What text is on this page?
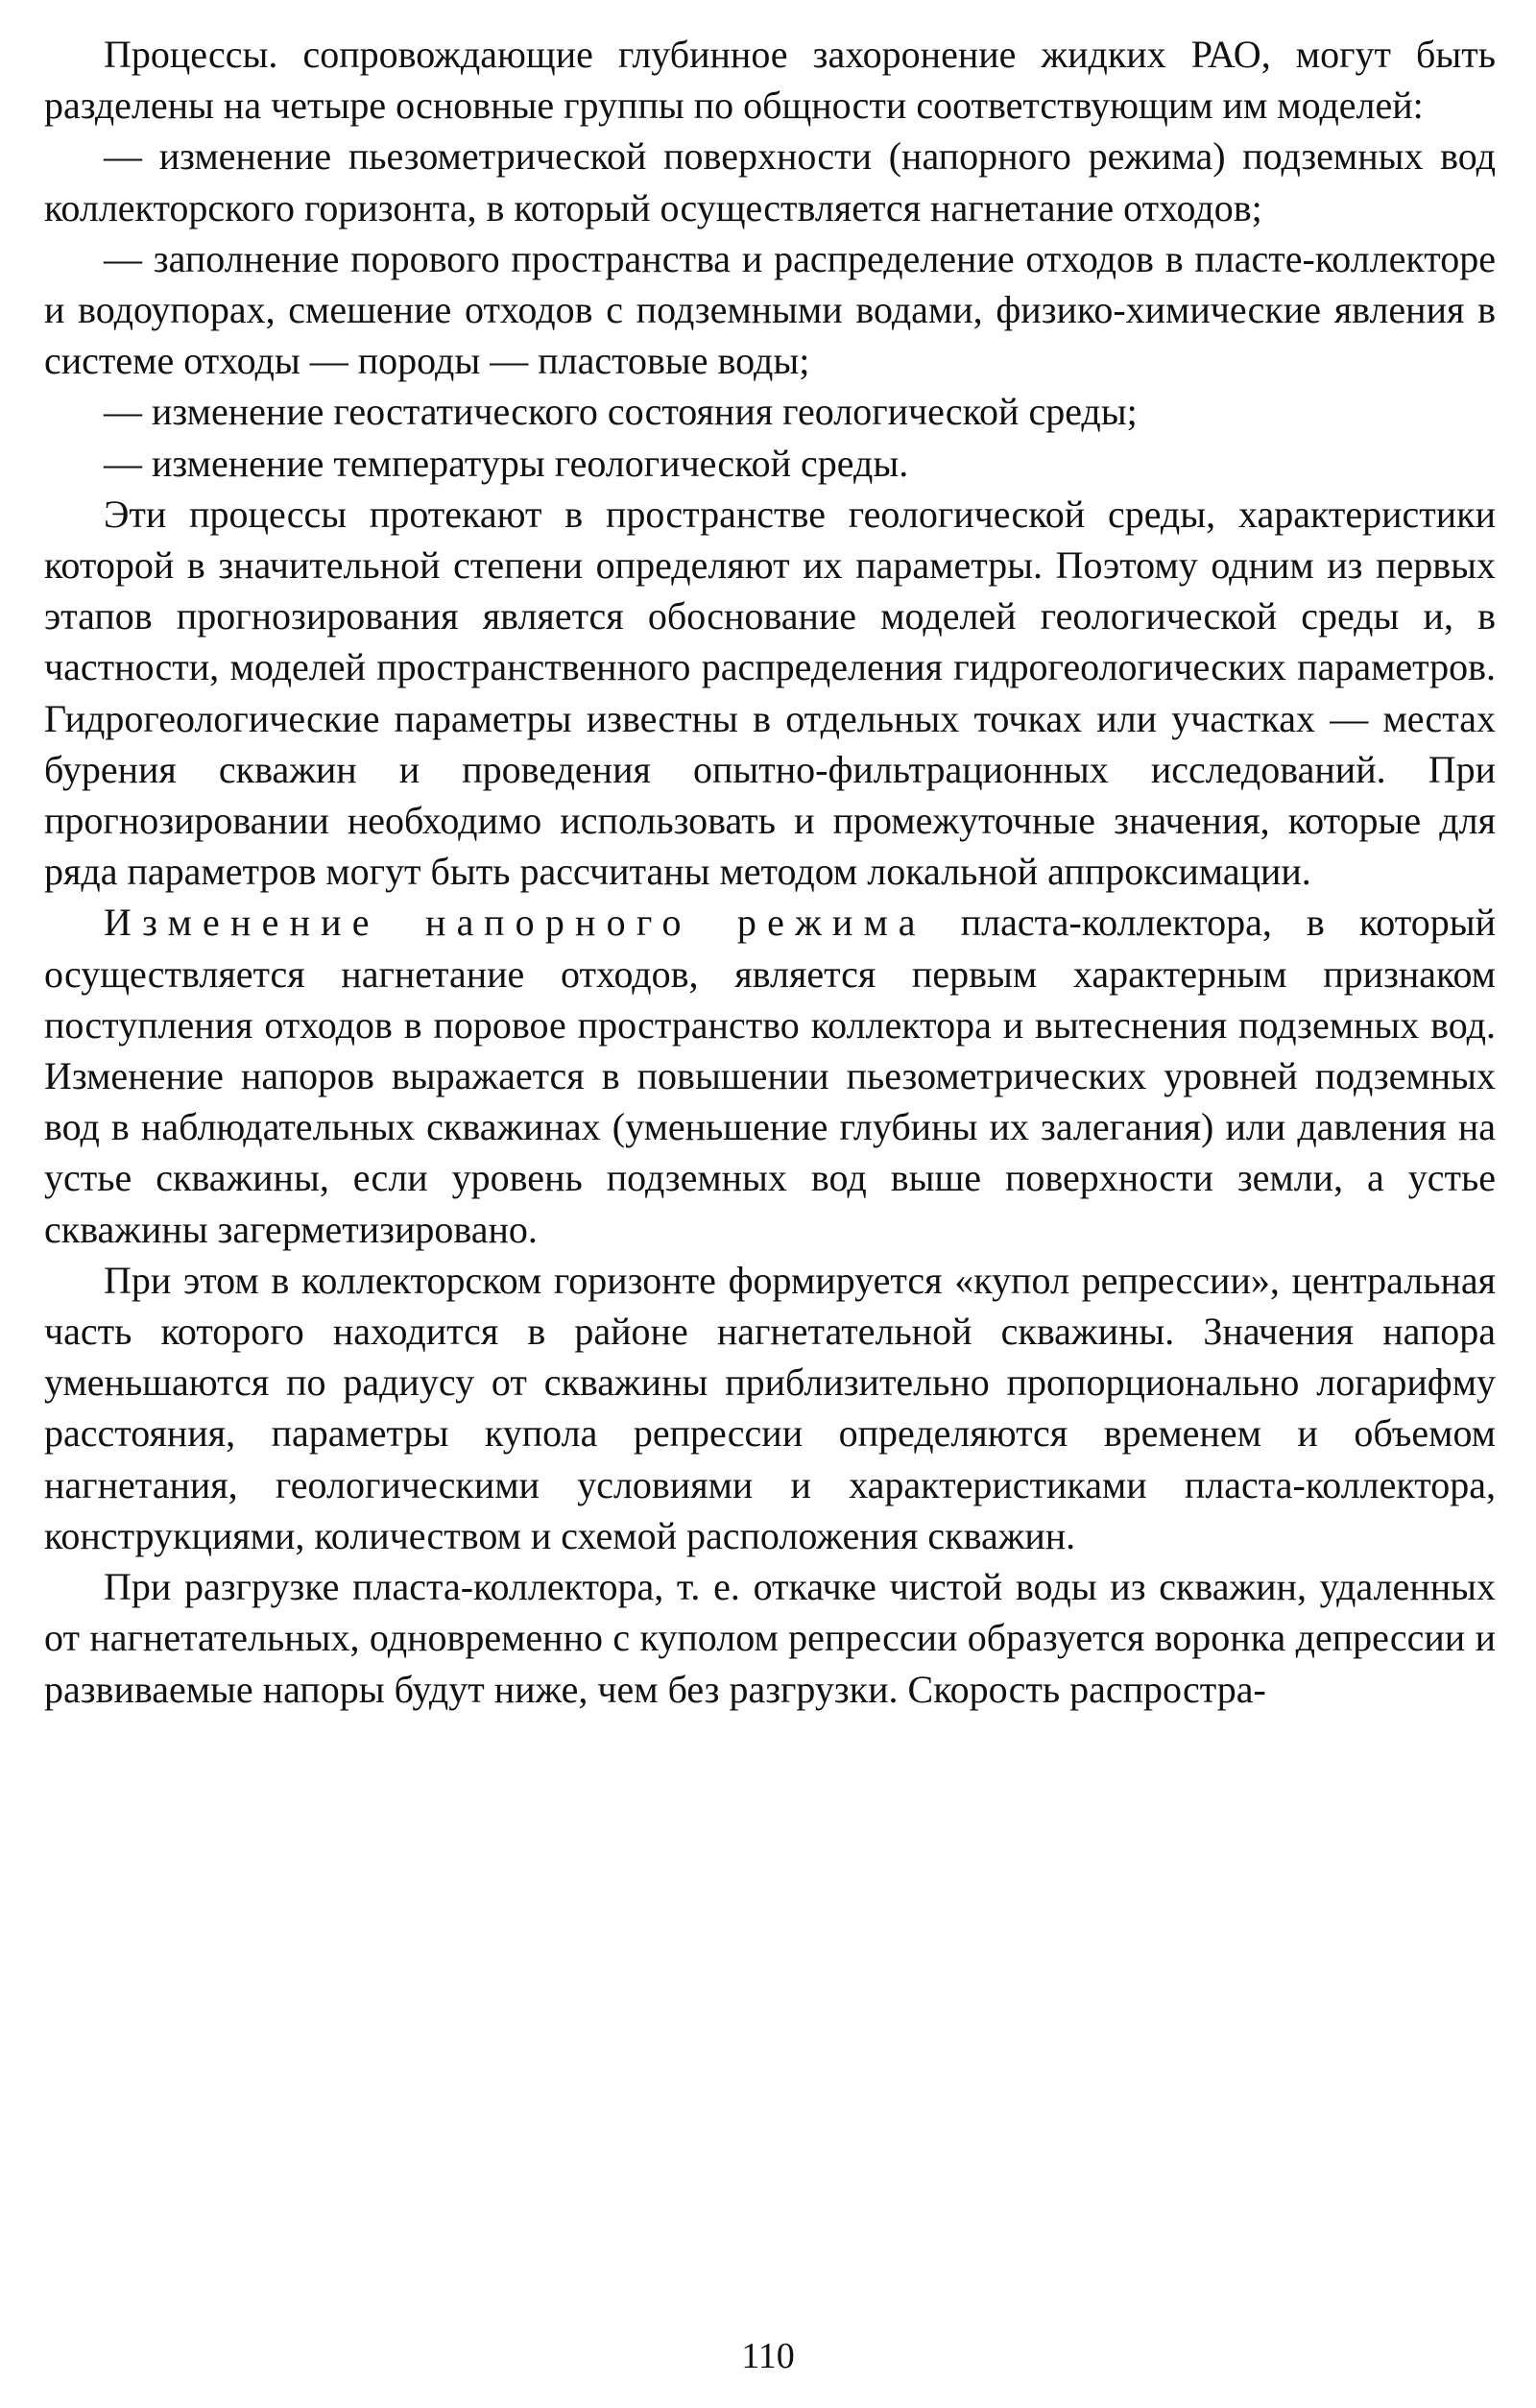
Процессы. сопровождающие глубинное захоронение жидких РАО, могут быть разделены на четыре основные группы по общности соответствующим им моделей:

— изменение пьезометрической поверхности (напорного режима) подземных вод коллекторского горизонта, в который осуществляется нагнетание отходов;

— заполнение порового пространства и распределение отходов в пласте-коллекторе и водоупорах, смешение отходов с подземными водами, физико-химические явления в системе отходы — породы — пластовые воды;

— изменение геостатического состояния геологической среды;

— изменение температуры геологической среды.

Эти процессы протекают в пространстве геологической среды, характеристики которой в значительной степени определяют их параметры. Поэтому одним из первых этапов прогнозирования является обоснование моделей геологической среды и, в частности, моделей пространственного распределения гидрогеологических параметров. Гидрогеологические параметры известны в отдельных точках или участках — местах бурения скважин и проведения опытно-фильтрационных исследований. При прогнозировании необходимо использовать и промежуточные значения, которые для ряда параметров могут быть рассчитаны методом локальной аппроксимации.

Изменение напорного режима пласта-коллектора, в который осуществляется нагнетание отходов, является первым характерным признаком поступления отходов в поровое пространство коллектора и вытеснения подземных вод. Изменение напоров выражается в повышении пьезометрических уровней подземных вод в наблюдательных скважинах (уменьшение глубины их залегания) или давления на устье скважины, если уровень подземных вод выше поверхности земли, а устье скважины загерметизировано.

При этом в коллекторском горизонте формируется «купол репрессии», центральная часть которого находится в районе нагнетательной скважины. Значения напора уменьшаются по радиусу от скважины приблизительно пропорционально логарифму расстояния, параметры купола репрессии определяются временем и объемом нагнетания, геологическими условиями и характеристиками пласта-коллектора, конструкциями, количеством и схемой расположения скважин.

При разгрузке пласта-коллектора, т. е. откачке чистой воды из скважин, удаленных от нагнетательных, одновременно с куполом репрессии образуется воронка депрессии и развиваемые напоры будут ниже, чем без разгрузки. Скорость распростра-

110
